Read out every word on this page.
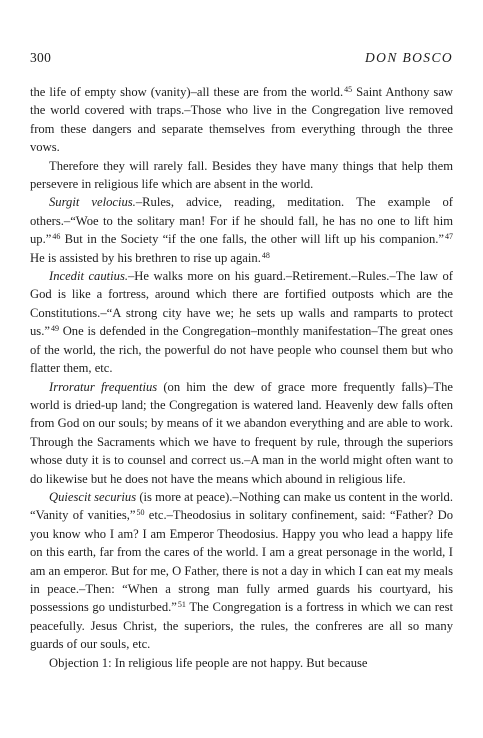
300	DON BOSCO

the life of empty show (vanity)–all these are from the world.$^{45}$ Saint Anthony saw the world covered with traps.–Those who live in the Congregation live removed from these dangers and separate themselves from everything through the three vows.

Therefore they will rarely fall. Besides they have many things that help them persevere in religious life which are absent in the world.

Surgit velocius.–Rules, advice, reading, meditation. The example of others.–“Woe to the solitary man! For if he should fall, he has no one to lift him up.”$^{46}$ But in the Society “if the one falls, the other will lift up his companion.”$^{47}$ He is assisted by his brethren to rise up again.$^{48}$

Incedit cautius.–He walks more on his guard.–Retirement.–Rules.–The law of God is like a fortress, around which there are fortified outposts which are the Constitutions.–“A strong city have we; he sets up walls and ramparts to protect us.”$^{49}$ One is defended in the Congregation–monthly manifestation–The great ones of the world, the rich, the powerful do not have people who counsel them but who flatter them, etc.

Irroratur frequentius (on him the dew of grace more frequently falls)–The world is dried-up land; the Congregation is watered land. Heavenly dew falls often from God on our souls; by means of it we abandon everything and are able to work. Through the Sacraments which we have to frequent by rule, through the superiors whose duty it is to counsel and correct us.–A man in the world might often want to do likewise but he does not have the means which abound in religious life.

Quiescit securius (is more at peace).–Nothing can make us content in the world. “Vanity of vanities,”$^{50}$ etc.–Theodosius in solitary confinement, said: “Father? Do you know who I am? I am Emperor Theodosius. Happy you who lead a happy life on this earth, far from the cares of the world. I am a great personage in the world, I am an emperor. But for me, O Father, there is not a day in which I can eat my meals in peace.–Then: “When a strong man fully armed guards his courtyard, his possessions go undisturbed.”$^{51}$ The Congregation is a fortress in which we can rest peacefully. Jesus Christ, the superiors, the rules, the confreres are all so many guards of our souls, etc.

Objection 1: In religious life people are not happy. But because
